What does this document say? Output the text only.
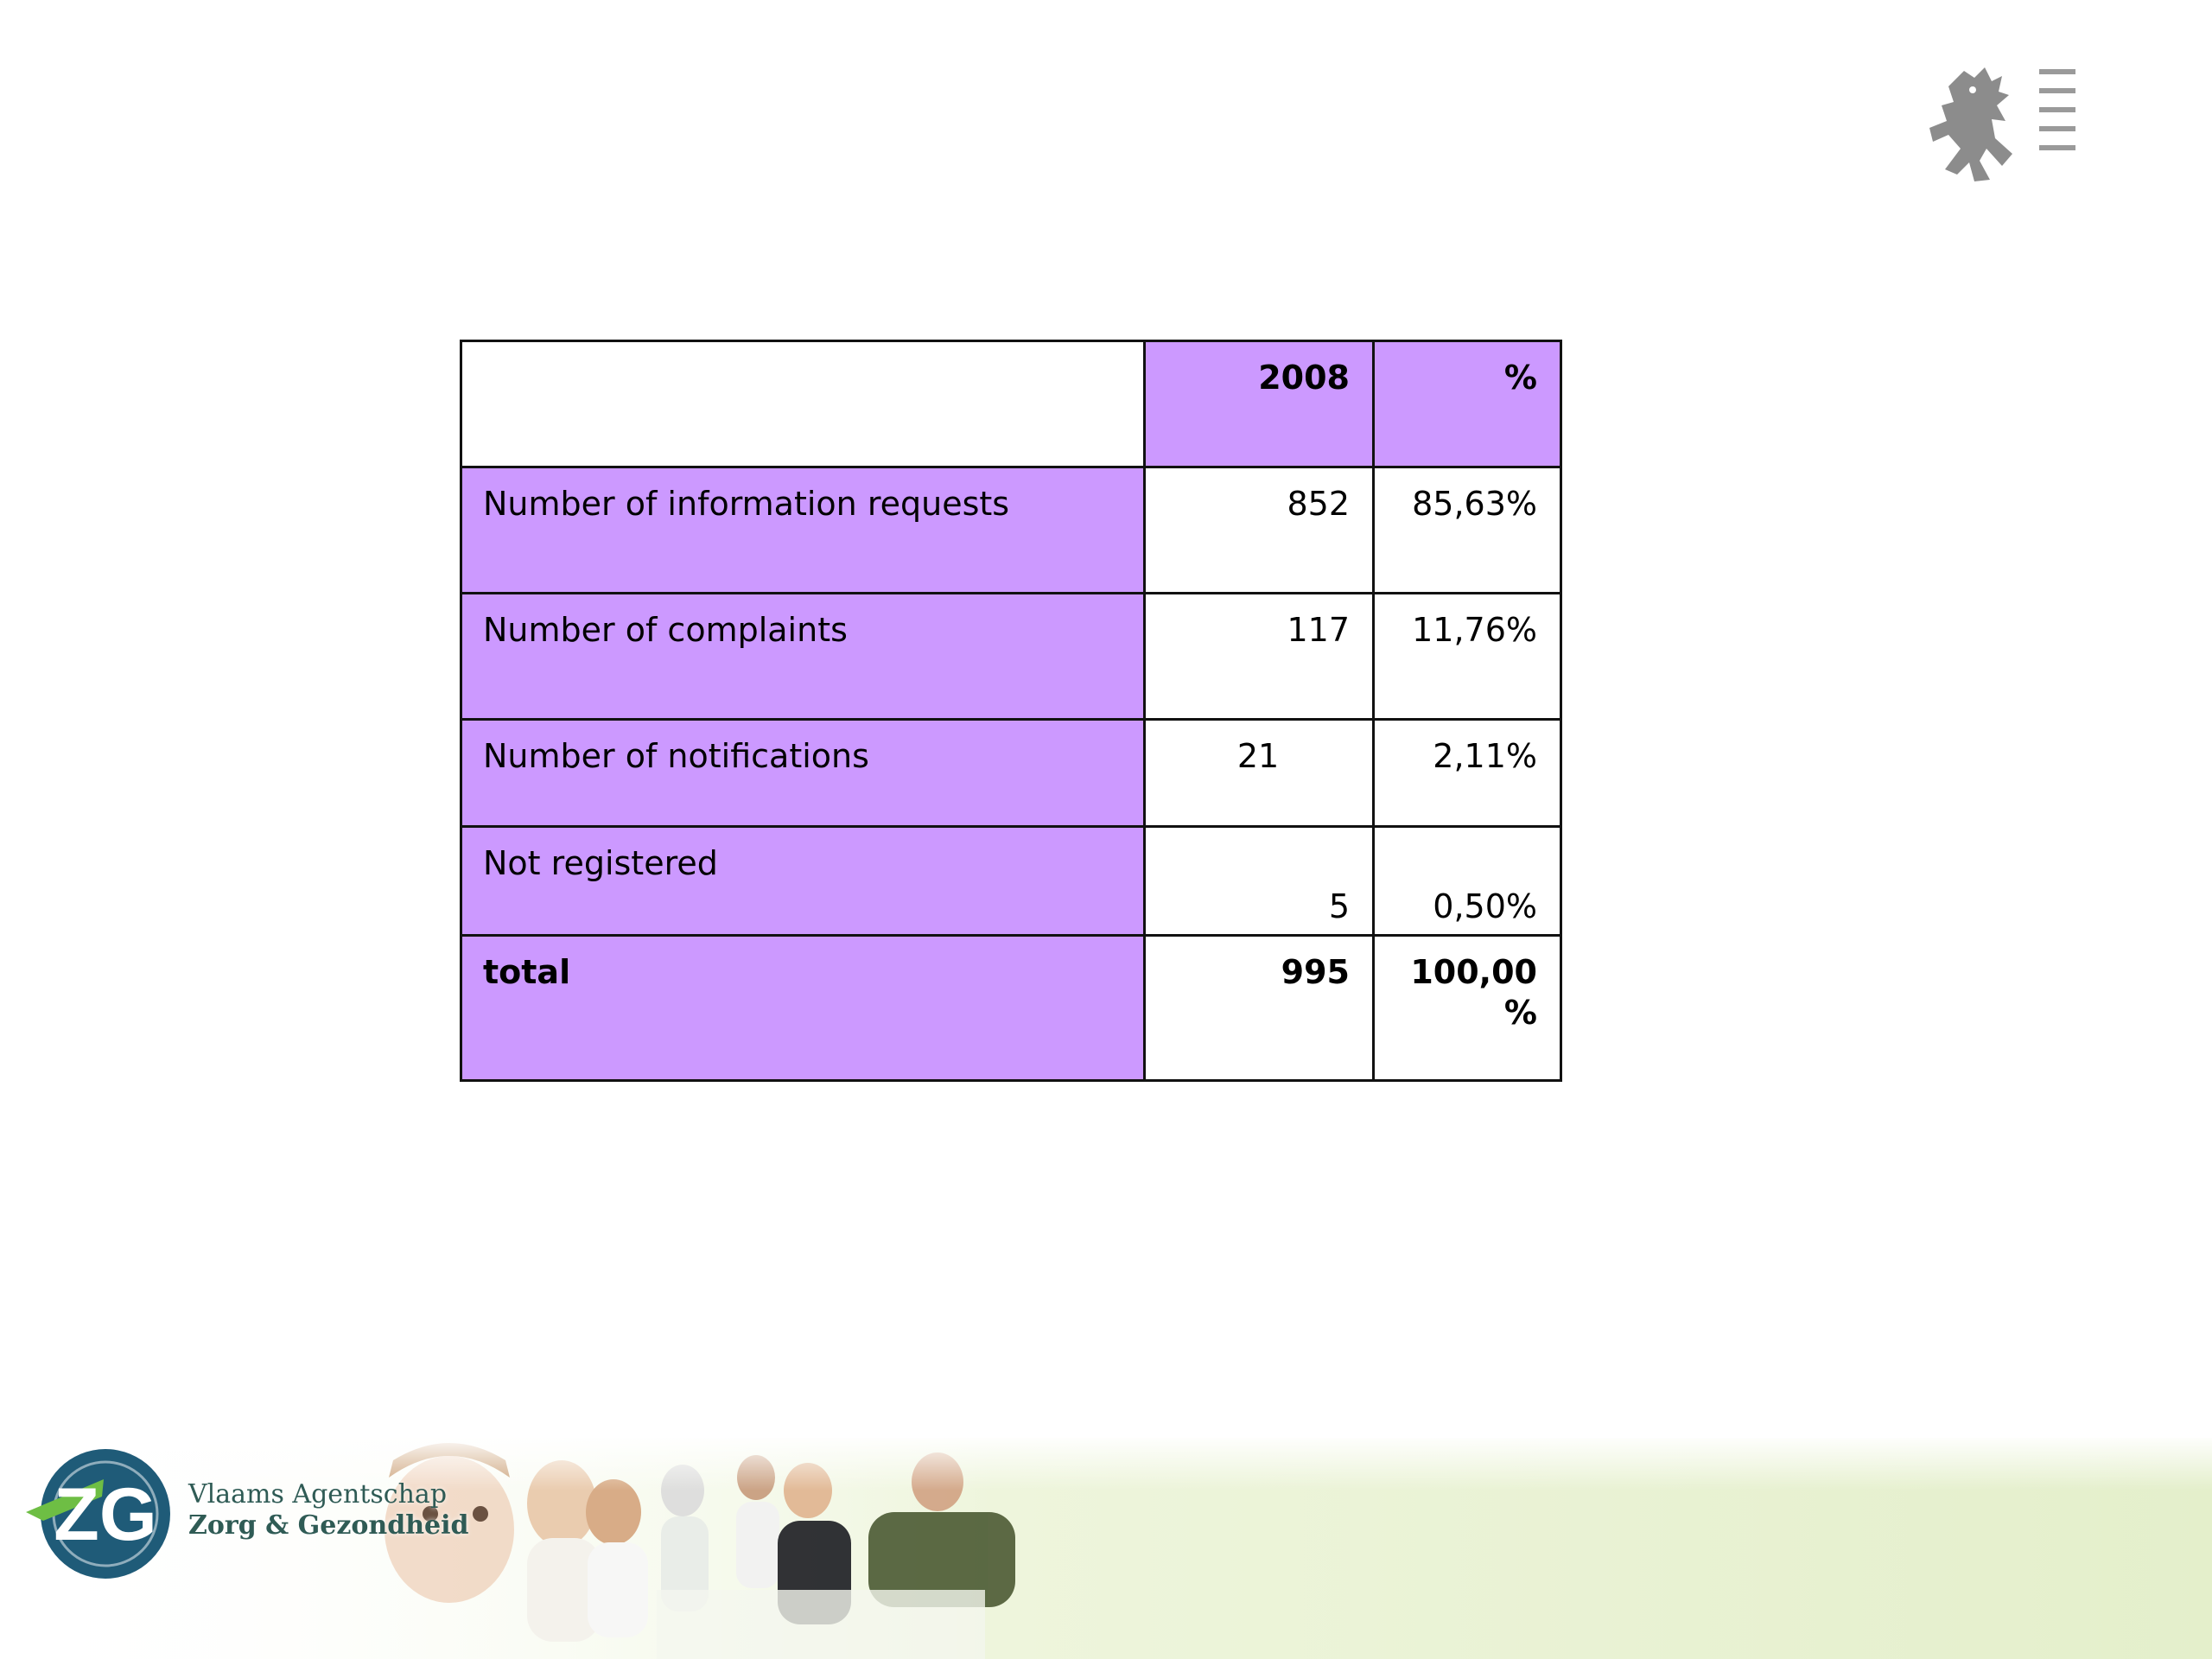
	2008	%
Number of information requests	852	85,63%
Number of complaints	117	11,76%
Number of notifications	21	2,11%
Not registered	5	0,50%
total	995	100,00 %
ZG Vlaams Agentschap
Zorg & Gezondheid
